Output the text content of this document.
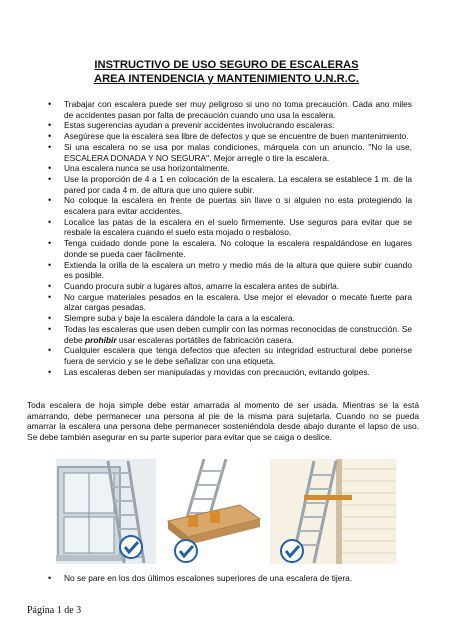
INSTRUCTIVO DE USO SEGURO DE ESCALERAS
AREA INTENDENCIA y MANTENIMIENTO U.N.R.C.
• Trabajar con escalera puede ser muy peligroso si uno no toma precaución. Cada ano miles de accidentes pasan por falta de precaución cuando uno usa la escalera.
• Estas sugerencias ayudan a prevenir accidentes involucrando escaleras:
• Asegúrese que la escalera sea libre de defectos y que se encuentre de buen mantenimiento.
• Si una escalera no se usa por malas condiciones, márquela con un anuncio. "No la use, ESCALERA DONADA Y NO SEGURA". Mejor arregle o tire la escalera.
• Una escalera nunca se usa horizontalmente.
• Use la proporción de 4 a 1 en colocación de la escalera. La escalera se establece 1 m. de la pared por cada 4 m. de altura que uno quiere subir.
• No coloque la escalera en frente de puertas sin llave o si alguien no esta protegiendo la escalera para evitar accidentes.
• Localice las patas de la escalera en el suelo firmemente. Use seguros para evitar que se resbale la escalera cuando el suelo esta mojado o resbaloso.
• Tenga cuidado donde pone la escalera. No coloque la escalera respaldándose en lugares donde se pueda caer fácilmente.
• Extienda la orilla de la escalera un metro y medio más de la altura que quiere subir cuando es posible.
• Cuando procura subir a lugares altos, amarre la escalera antes de subirla.
• No cargue materiales pesados en la escalera. Use mejor el elevador o mecate fuerte para alzar cargas pesadas.
• Siempre suba y baje la escalera dándole la cara a la escalera.
• Todas las escaleras que usen deben cumplir con las normas reconocidas de construcción. Se debe prohibir usar escaleras portátiles de fabricación casera.
• Cualquier escalera que tenga defectos que afecten su integridad estructural debe ponerse fuera de servicio y se le debe señalizar con una etiqueta.
• Las escaleras deben ser manipuladas y movidas con precaución, evitando golpes.

Toda escalera de hoja simple debe estar amarrada al momento de ser usada. Mientras se la está amarrando, debe permanecer una persona al pie de la misma para sujetarla. Cuando no se pueda amarrar la escalera una persona debe permanecer sosteniéndola desde abajo durante el lapso de uso. Se debe también asegurar en su parte superior para evitar que se caiga o deslice.

• No se pare en los dos últimos escalones superiores de una escalera de tijera.
Página 1 de 3
